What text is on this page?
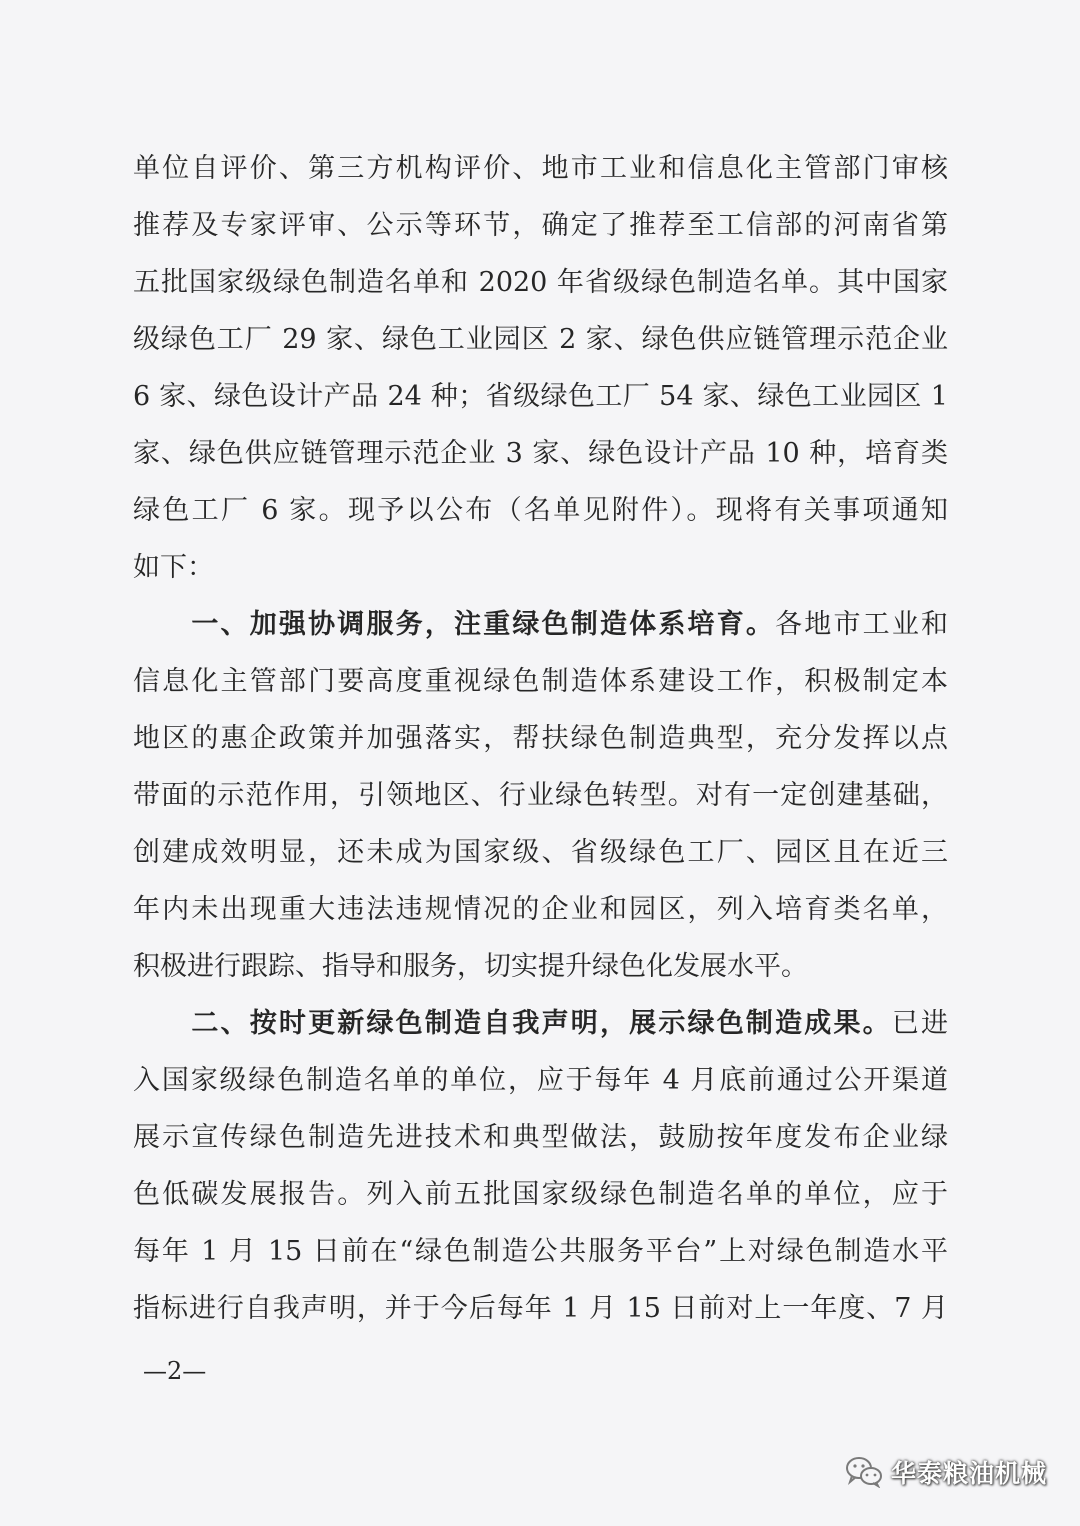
单位自评价、第三方机构评价、地市工业和信息化主管部门审核
推荐及专家评审、公示等环节，确定了推荐至工信部的河南省第
五批国家级绿色制造名单和 2020 年省级绿色制造名单。其中国家
级绿色工厂 29 家、绿色工业园区 2 家、绿色供应链管理示范企业
6 家、绿色设计产品 24 种；省级绿色工厂 54 家、绿色工业园区 1
家、绿色供应链管理示范企业 3 家、绿色设计产品 10 种，培育类
绿色工厂 6 家。现予以公布（名单见附件）。现将有关事项通知
如下：
　　一、加强协调服务，注重绿色制造体系培育。各地市工业和
信息化主管部门要高度重视绿色制造体系建设工作，积极制定本
地区的惠企政策并加强落实，帮扶绿色制造典型，充分发挥以点
带面的示范作用，引领地区、行业绿色转型。对有一定创建基础，
创建成效明显，还未成为国家级、省级绿色工厂、园区且在近三
年内未出现重大违法违规情况的企业和园区，列入培育类名单，
积极进行跟踪、指导和服务，切实提升绿色化发展水平。
　　二、按时更新绿色制造自我声明，展示绿色制造成果。已进
入国家级绿色制造名单的单位，应于每年 4 月底前通过公开渠道
展示宣传绿色制造先进技术和典型做法，鼓励按年度发布企业绿
色低碳发展报告。列入前五批国家级绿色制造名单的单位，应于
每年 1 月 15 日前在“绿色制造公共服务平台”上对绿色制造水平
指标进行自我声明，并于今后每年 1 月 15 日前对上一年度、7 月
—2—
华泰粮油机械
